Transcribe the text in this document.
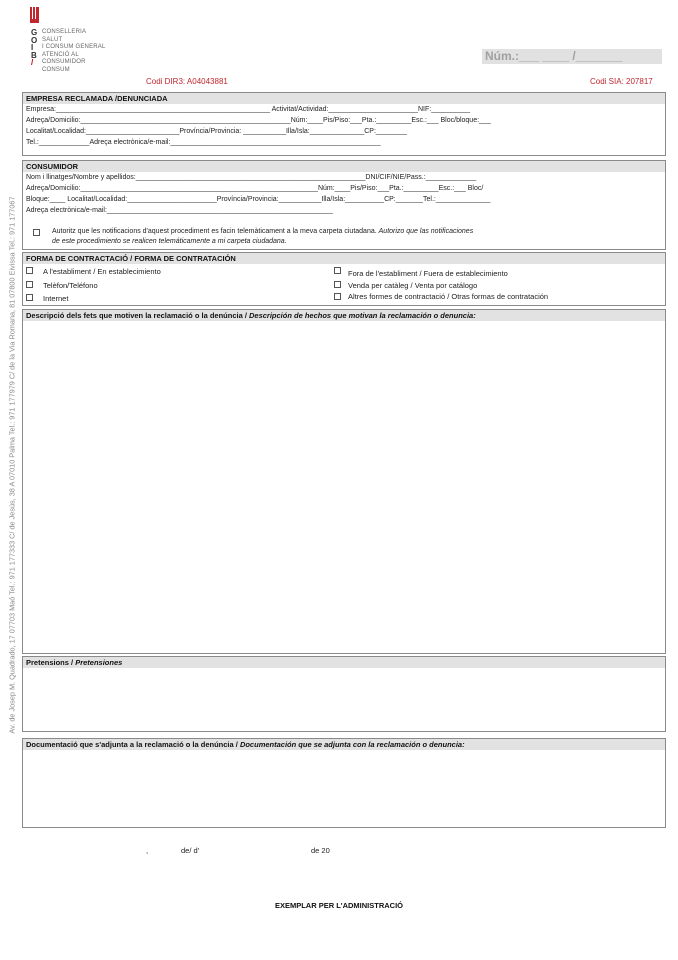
G
O
I
B
/
CONSELLERIA
SALUT
I CONSUM GENERAL
ATENCIÓ AL
CONSUMIDOR
CONSUM
Núm.:___ ____ /_______
Codi DIR3: A04043881	Codi SIA: 207817
Av. de Josep M. Quadrado, 17 07703 Maó Tel.: 971 177333 C/ de Jesús, 38 A 07010 Palma Tel.: 971 177979 C/ de la Via Romana, 81 07800 Eivissa Tel.: 971 177067
EMPRESA RECLAMADA /DENUNCIADA
Empresa:_______________________________________________________ Activitat/Actividad:_______________________NIF:__________
Adreça/Domicilio:______________________________________________________Núm:____Pis/Piso:___Pta.:_________Esc.:___ Bloc/bloque:___
Localitat/Localidad:________________________Província/Provincia: ___________Illa/Isla:______________CP:________
Tel.:_____________Adreça electrònica/e-mail:______________________________________________________
CONSUMIDOR
Nom i llinatges/Nombre y apellidos:___________________________________________________________DNI/CIF/NIE/Pass.:_____________
Adreça/Domicilio:_____________________________________________________________Núm:____Pis/Piso:___Pta.:_________Esc.:___ Bloc/
Bloque:____ Localitat/Localidad:_______________________Província/Provincia:___________Illa/Isla:__________CP:_______Tel.:______________
Adreça electrònica/e-mail:__________________________________________________________
Autoritz que les notificacions d'aquest procediment es facin telemàticament a la meva carpeta ciutadana. Autorizo que las notificaciones
de este procedimiento se realicen telemáticamente a mi carpeta ciudadana.
FORMA DE CONTRACTACIÓ / FORMA DE CONTRATACIÓN
A l'establiment / En establecimiento
Telèfon/Teléfono
Internet
Fora de l'establiment / Fuera de establecimiento
Venda per catàleg / Venta por catálogo
Altres formes de contractació / Otras formas de contratación
Descripció dels fets que motiven la reclamació o la denúncia / Descripción de hechos que motivan la reclamación o denuncia:
Pretensions / Pretensiones
Documentació que s'adjunta a la reclamació o la denúncia / Documentación que se adjunta con la reclamación o denuncia:
,	de/ d'	de 20
EXEMPLAR PER L'ADMINISTRACIÓ
